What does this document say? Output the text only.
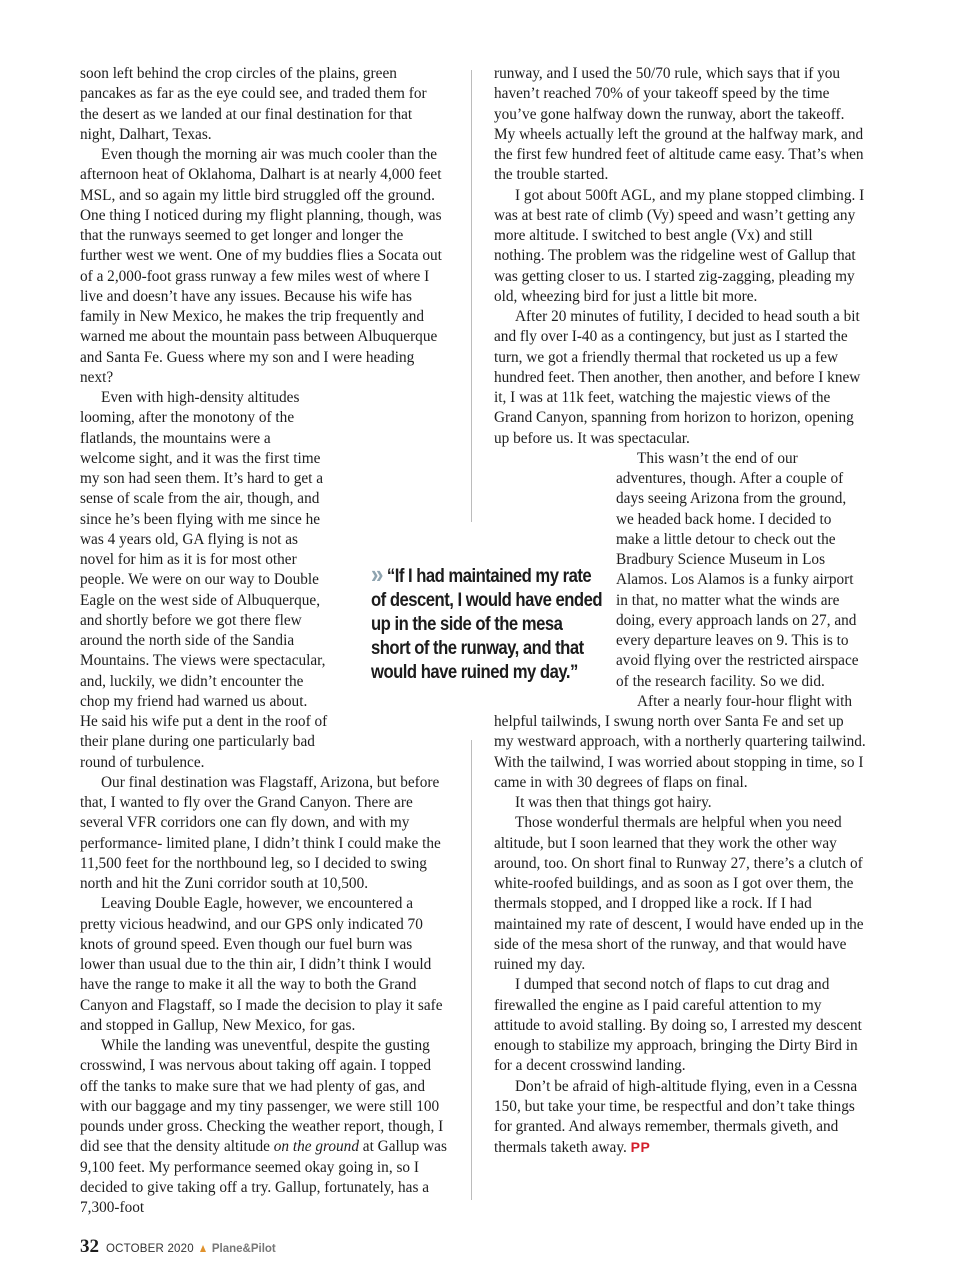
soon left behind the crop circles of the plains, green pancakes as far as the eye could see, and traded them for the desert as we landed at our final destination for that night, Dalhart, Texas.

Even though the morning air was much cooler than the afternoon heat of Oklahoma, Dalhart is at nearly 4,000 feet MSL, and so again my little bird struggled off the ground. One thing I noticed during my flight planning, though, was that the runways seemed to get longer and longer the further west we went. One of my buddies flies a Socata out of a 2,000-foot grass runway a few miles west of where I live and doesn’t have any issues. Because his wife has family in New Mexico, he makes the trip frequently and warned me about the mountain pass between Albuquerque and Santa Fe. Guess where my son and I were heading next?

Even with high-density altitudes looming, after the monotony of the flatlands, the mountains were a welcome sight, and it was the first time my son had seen them. It’s hard to get a sense of scale from the air, though, and since he’s been flying with me since he was 4 years old, GA flying is not as novel for him as it is for most other people. We were on our way to Double Eagle on the west side of Albuquerque, and shortly before we got there flew around the north side of the Sandia Mountains. The views were spectacular, and, luckily, we didn’t encounter the chop my friend had warned us about. He said his wife put a dent in the roof of their plane during one particularly bad round of turbulence.

Our final destination was Flagstaff, Arizona, but before that, I wanted to fly over the Grand Canyon. There are several VFR corridors one can fly down, and with my performance- limited plane, I didn’t think I could make the 11,500 feet for the northbound leg, so I decided to swing north and hit the Zuni corridor south at 10,500.

Leaving Double Eagle, however, we encountered a pretty vicious headwind, and our GPS only indicated 70 knots of ground speed. Even though our fuel burn was lower than usual due to the thin air, I didn’t think I would have the range to make it all the way to both the Grand Canyon and Flagstaff, so I made the decision to play it safe and stopped in Gallup, New Mexico, for gas.

While the landing was uneventful, despite the gusting crosswind, I was nervous about taking off again. I topped off the tanks to make sure that we had plenty of gas, and with our baggage and my tiny passenger, we were still 100 pounds under gross. Checking the weather report, though, I did see that the density altitude on the ground at Gallup was 9,100 feet. My performance seemed okay going in, so I decided to give taking off a try. Gallup, fortunately, has a 7,300-foot

runway, and I used the 50/70 rule, which says that if you haven’t reached 70% of your takeoff speed by the time you’ve gone halfway down the runway, abort the takeoff. My wheels actually left the ground at the halfway mark, and the first few hundred feet of altitude came easy. That’s when the trouble started.

I got about 500ft AGL, and my plane stopped climbing. I was at best rate of climb (Vy) speed and wasn’t getting any more altitude. I switched to best angle (Vx) and still nothing. The problem was the ridgeline west of Gallup that was getting closer to us. I started zig-zagging, pleading my old, wheezing bird for just a little bit more.

After 20 minutes of futility, I decided to head south a bit and fly over I-40 as a contingency, but just as I started the turn, we got a friendly thermal that rocketed us up a few hundred feet. Then another, then another, and before I knew it, I was at 11k feet, watching the majestic views of the Grand Canyon, spanning from horizon to horizon, opening up before us. It was spectacular.

This wasn’t the end of our adventures, though. After a couple of days seeing Arizona from the ground, we headed back home. I decided to make a little detour to check out the Bradbury Science Museum in Los Alamos. Los Alamos is a funky airport in that, no matter what the winds are doing, every approach lands on 27, and every departure leaves on 9. This is to avoid flying over the restricted airspace of the research facility. So we did.

After a nearly four-hour flight with helpful tailwinds, I swung north over Santa Fe and set up my westward approach, with a northerly quartering tailwind. With the tailwind, I was worried about stopping in time, so I came in with 30 degrees of flaps on final.

It was then that things got hairy.

Those wonderful thermals are helpful when you need altitude, but I soon learned that they work the other way around, too. On short final to Runway 27, there’s a clutch of white-roofed buildings, and as soon as I got over them, the thermals stopped, and I dropped like a rock. If I had maintained my rate of descent, I would have ended up in the side of the mesa short of the runway, and that would have ruined my day.

I dumped that second notch of flaps to cut drag and firewalled the engine as I paid careful attention to my attitude to avoid stalling. By doing so, I arrested my descent enough to stabilize my approach, bringing the Dirty Bird in for a decent crosswind landing.

Don’t be afraid of high-altitude flying, even in a Cessna 150, but take your time, be respectful and don’t take things for granted. And always remember, thermals giveth, and thermals taketh away. PP

» “If I had maintained my rate of descent, I would have ended up in the side of the mesa short of the runway, and that would have ruined my day.”
32 OCTOBER 2020 Plane&Pilot
